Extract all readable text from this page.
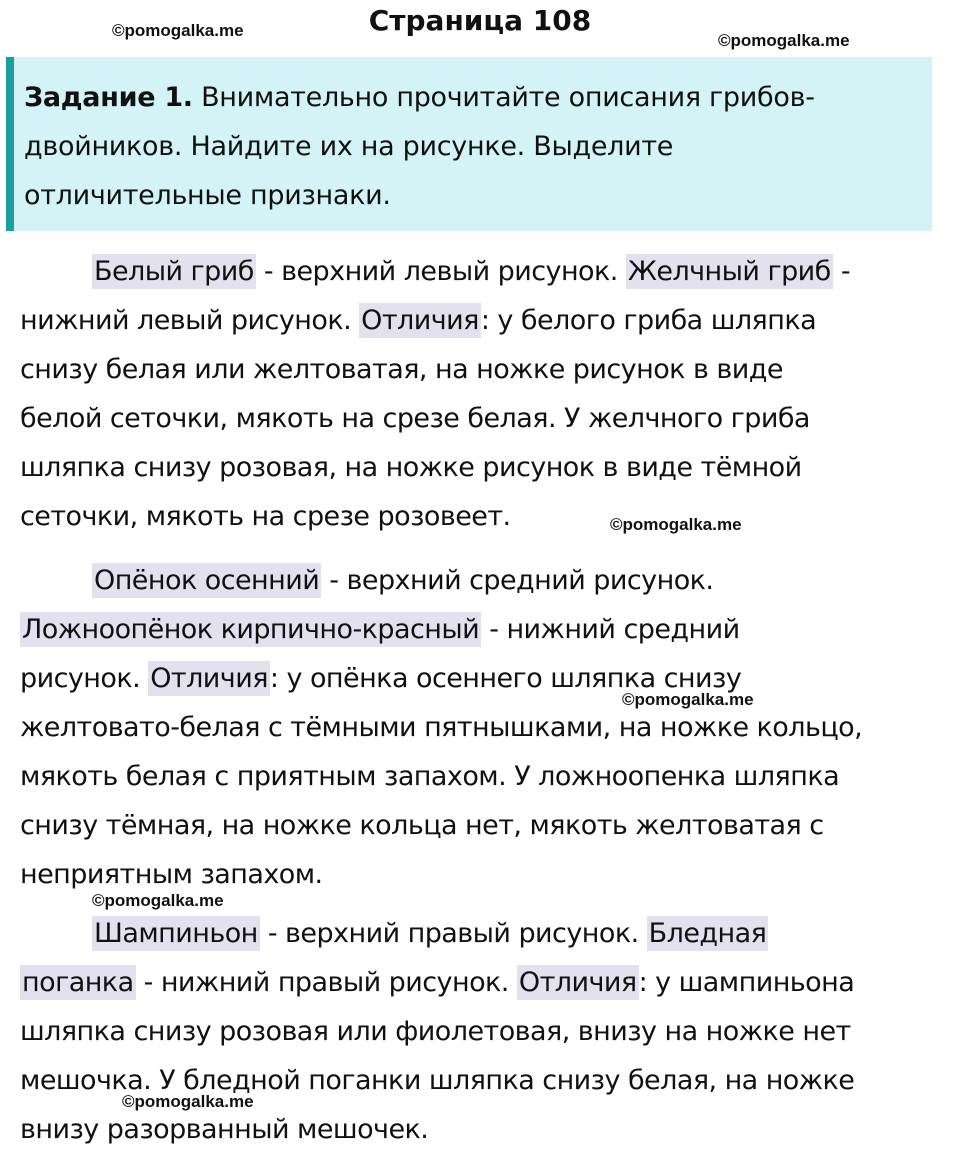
©pomogalka.me
©pomogalka.me
©pomogalka.me
©pomogalka.me
©pomogalka.me
©pomogalka.me
Страница 108
Задание 1. Внимательно прочитайте описания грибов-
двойников. Найдите их на рисунке. Выделите
отличительные признаки.
Белый гриб - верхний левый рисунок. Желчный гриб -
нижний левый рисунок. Отличия: у белого гриба шляпка
снизу белая или желтоватая, на ножке рисунок в виде
белой сеточки, мякоть на срезе белая. У желчного гриба
шляпка снизу розовая, на ножке рисунок в виде тёмной
сеточки, мякоть на срезе розовеет.
Опёнок осенний - верхний средний рисунок.
Ложноопёнок кирпично-красный - нижний средний
рисунок. Отличия: у опёнка осеннего шляпка снизу
желтовато-белая с тёмными пятнышками, на ножке кольцо,
мякоть белая с приятным запахом. У ложноопенка шляпка
снизу тёмная, на ножке кольца нет, мякоть желтоватая с
неприятным запахом.
Шампиньон - верхний правый рисунок. Бледная
поганка - нижний правый рисунок. Отличия: у шампиньона
шляпка снизу розовая или фиолетовая, внизу на ножке нет
мешочка. У бледной поганки шляпка снизу белая, на ножке
внизу разорванный мешочек.
